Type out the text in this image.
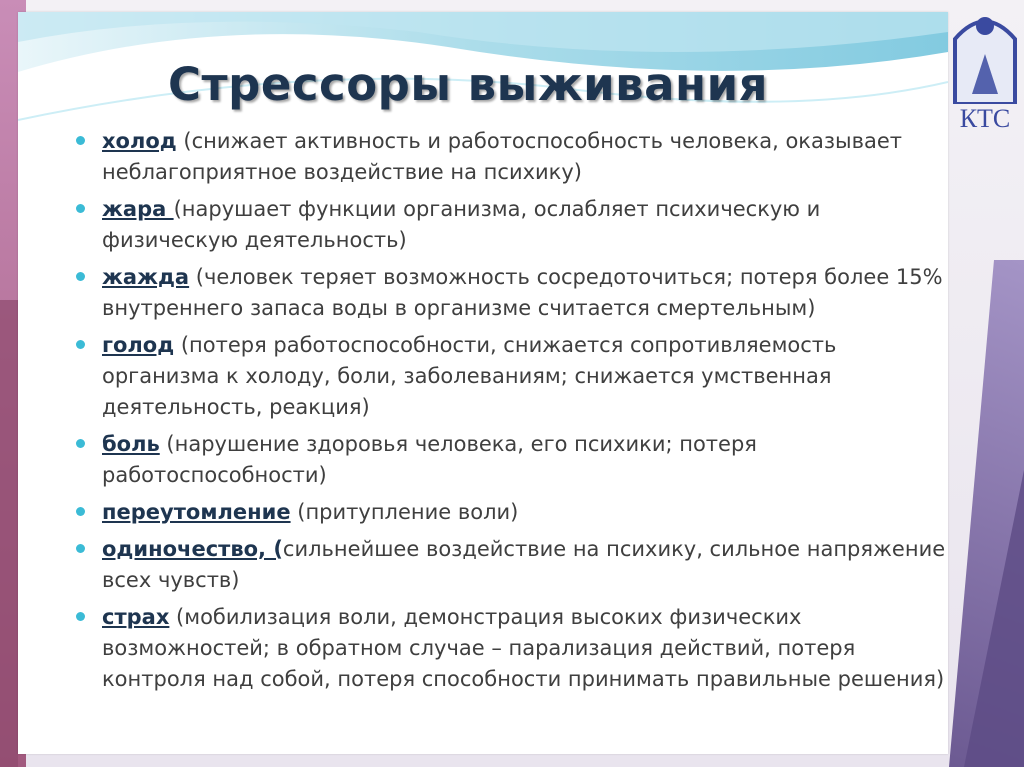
КТС
Стрессоры выживания
холод (снижает активность и работоспособность человека, оказывает неблагоприятное воздействие на психику)
жара (нарушает функции организма, ослабляет психическую и физическую деятельность)
жажда (человек теряет возможность сосредоточиться; потеря более 15% внутреннего запаса воды в организме считается смертельным)
голод (потеря работоспособности, снижается сопротивляемость организма к холоду, боли, заболеваниям; снижается умственная деятельность, реакция)
боль (нарушение здоровья человека, его психики; потеря работоспособности)
переутомление (притупление воли)
одиночество, (сильнейшее воздействие на психику, сильное напряжение всех чувств)
страх (мобилизация воли, демонстрация высоких физических возможностей; в обратном случае – парализация действий, потеря контроля над собой, потеря способности принимать правильные решения)
